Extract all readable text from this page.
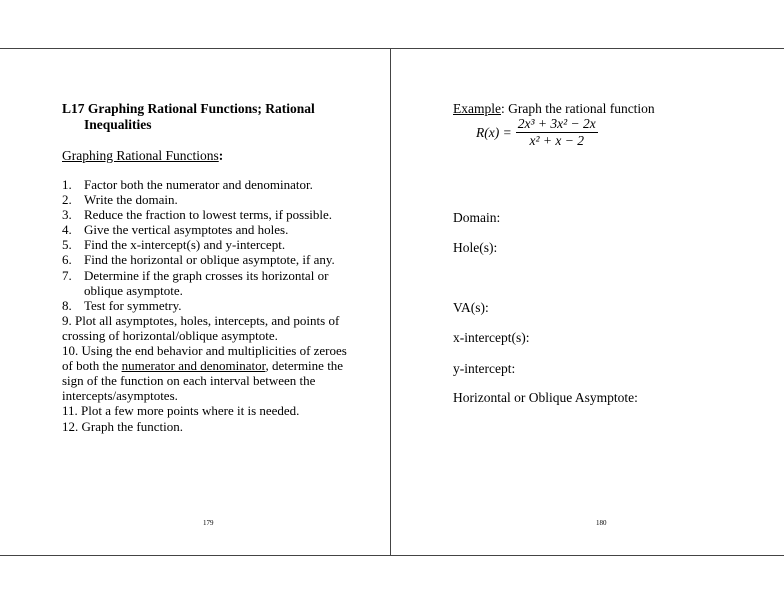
L17 Graphing Rational Functions; Rational
Inequalities
Graphing Rational Functions:
1. Factor both the numerator and denominator.
2. Write the domain.
3. Reduce the fraction to lowest terms, if possible.
4. Give the vertical asymptotes and holes.
5. Find the x-intercept(s) and y-intercept.
6. Find the horizontal or oblique asymptote, if any.
7. Determine if the graph crosses its horizontal or
oblique asymptote.
8. Test for symmetry.
9. Plot all asymptotes, holes, intercepts, and points of
crossing of horizontal/oblique asymptote.
10. Using the end behavior and multiplicities of zeroes
of both the numerator and denominator, determine the
sign of the function on each interval between the
intercepts/asymptotes.
11. Plot a few more points where it is needed.
12. Graph the function.
179
Example: Graph the rational function
$R(x) = \frac{\text{2x³ + 3x² − 2x}}{\text{x² + x − 2}}$
Domain:
Hole(s):
VA(s):
x-intercept(s):
y-intercept:
Horizontal or Oblique Asymptote:
180
